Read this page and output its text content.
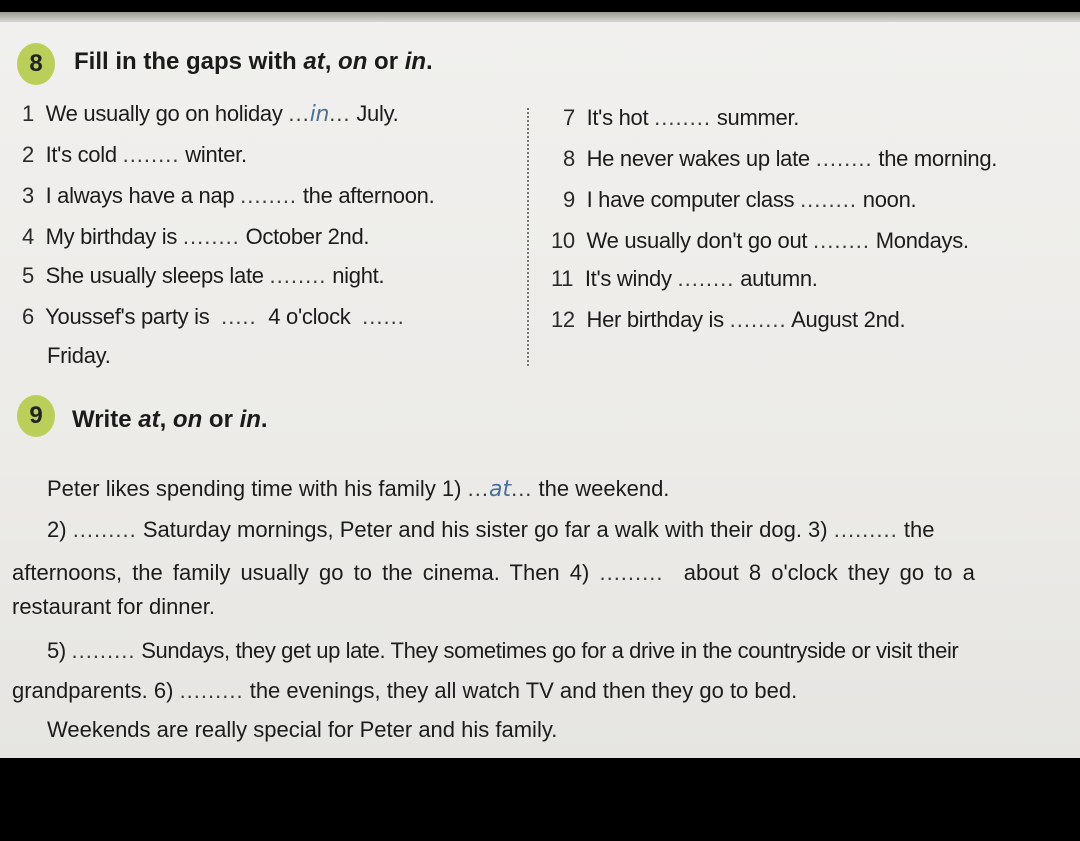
8 Fill in the gaps with at, on or in.
1 We usually go on holiday ...in... July.
2 It's cold ........ winter.
3 I always have a nap ........ the afternoon.
4 My birthday is ........ October 2nd.
5 She usually sleeps late ........ night.
6 Youssef's party is ..... 4 o'clock ......
Friday.
7 It's hot ........ summer.
8 He never wakes up late ........ the morning.
9 I have computer class ........ noon.
10 We usually don't go out ........ Mondays.
11 It's windy ........ autumn.
12 Her birthday is ........ August 2nd.
9 Write at, on or in.
Peter likes spending time with his family 1) ...at... the weekend.
2) ......... Saturday mornings, Peter and his sister go far a walk with their dog. 3) ......... the
afternoons, the family usually go to the cinema. Then 4) ......... about 8 o'clock they go to a
restaurant for dinner.
5) ......... Sundays, they get up late. They sometimes go for a drive in the countryside or visit their
grandparents. 6) ......... the evenings, they all watch TV and then they go to bed.
Weekends are really special for Peter and his family.
